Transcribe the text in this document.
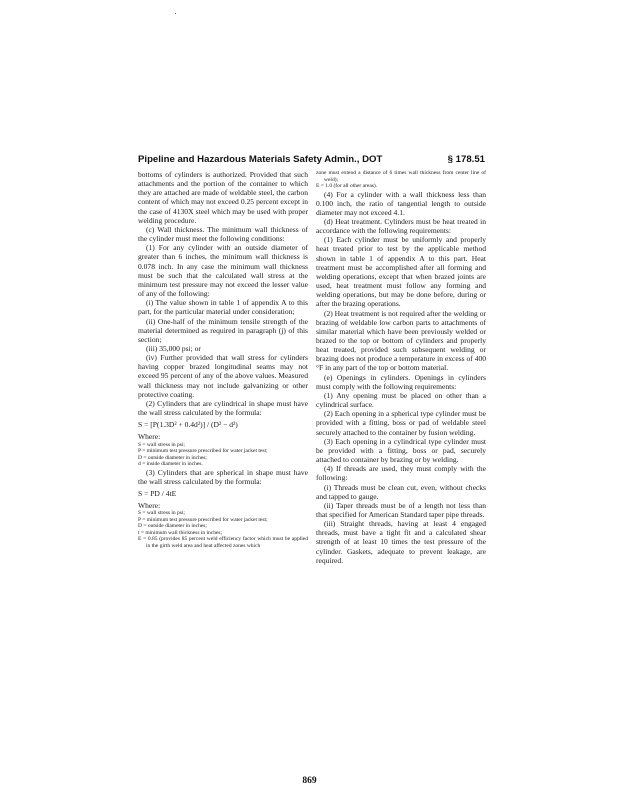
Pipeline and Hazardous Materials Safety Admin., DOT	§ 178.51

bottoms of cylinders is authorized. Provided that such attachments and the portion of the container to which they are attached are made of weldable steel, the carbon content of which may not exceed 0.25 percent except in the case of 4130X steel which may be used with proper welding procedure.

(c) Wall thickness. The minimum wall thickness of the cylinder must meet the following conditions:

(1) For any cylinder with an outside diameter of greater than 6 inches, the minimum wall thickness is 0.078 inch. In any case the minimum wall thickness must be such that the calculated wall stress at the minimum test pressure may not exceed the lesser value of any of the following:

(i) The value shown in table 1 of appendix A to this part, for the particular material under consideration;

(ii) One-half of the minimum tensile strength of the material determined as required in paragraph (j) of this section;

(iii) 35,000 psi; or

(iv) Further provided that wall stress for cylinders having copper brazed longitudinal seams may not exceed 95 percent of any of the above values. Measured wall thickness may not include galvanizing or other protective coating.

(2) Cylinders that are cylindrical in shape must have the wall stress calculated by the formula:

S = [P(1.3D² + 0.4d²)] / (D² − d²)

Where:

S = wall stress in psi;

P = minimum test pressure prescribed for water jacket test;

D = outside diameter in inches;

d = inside diameter in inches.

(3) Cylinders that are spherical in shape must have the wall stress calculated by the formula:

S = PD / 4tE

Where:

S = wall stress in psi;

P = minimum test pressure prescribed for water jacket test;

D = outside diameter in inches;

t = minimum wall thickness in inches;

E = 0.85 (provides 85 percent weld efficiency factor which must be applied in the girth weld area and heat affected zones which

zone must extend a distance of 6 times wall thickness from center line of weld);

E = 1.0 (for all other areas).

(4) For a cylinder with a wall thickness less than 0.100 inch, the ratio of tangential length to outside diameter may not exceed 4.1.

(d) Heat treatment. Cylinders must be heat treated in accordance with the following requirements:

(1) Each cylinder must be uniformly and properly heat treated prior to test by the applicable method shown in table 1 of appendix A to this part. Heat treatment must be accomplished after all forming and welding operations, except that when brazed joints are used, heat treatment must follow any forming and welding operations, but may be done before, during or after the brazing operations.

(2) Heat treatment is not required after the welding or brazing of weldable low carbon parts to attachments of similar material which have been previously welded or brazed to the top or bottom of cylinders and properly heat treated, provided such subsequent welding or brazing does not produce a temperature in excess of 400 °F in any part of the top or bottom material.

(e) Openings in cylinders. Openings in cylinders must comply with the following requirements:

(1) Any opening must be placed on other than a cylindrical surface.

(2) Each opening in a spherical type cylinder must be provided with a fitting, boss or pad of weldable steel securely attached to the container by fusion welding.

(3) Each opening in a cylindrical type cylinder must be provided with a fitting, boss or pad, securely attached to container by brazing or by welding.

(4) If threads are used, they must comply with the following:

(i) Threads must be clean cut, even, without checks and tapped to gauge.

(ii) Taper threads must be of a length not less than that specified for American Standard taper pipe threads.

(iii) Straight threads, having at least 4 engaged threads, must have a tight fit and a calculated shear strength of at least 10 times the test pressure of the cylinder. Gaskets, adequate to prevent leakage, are required.

869
